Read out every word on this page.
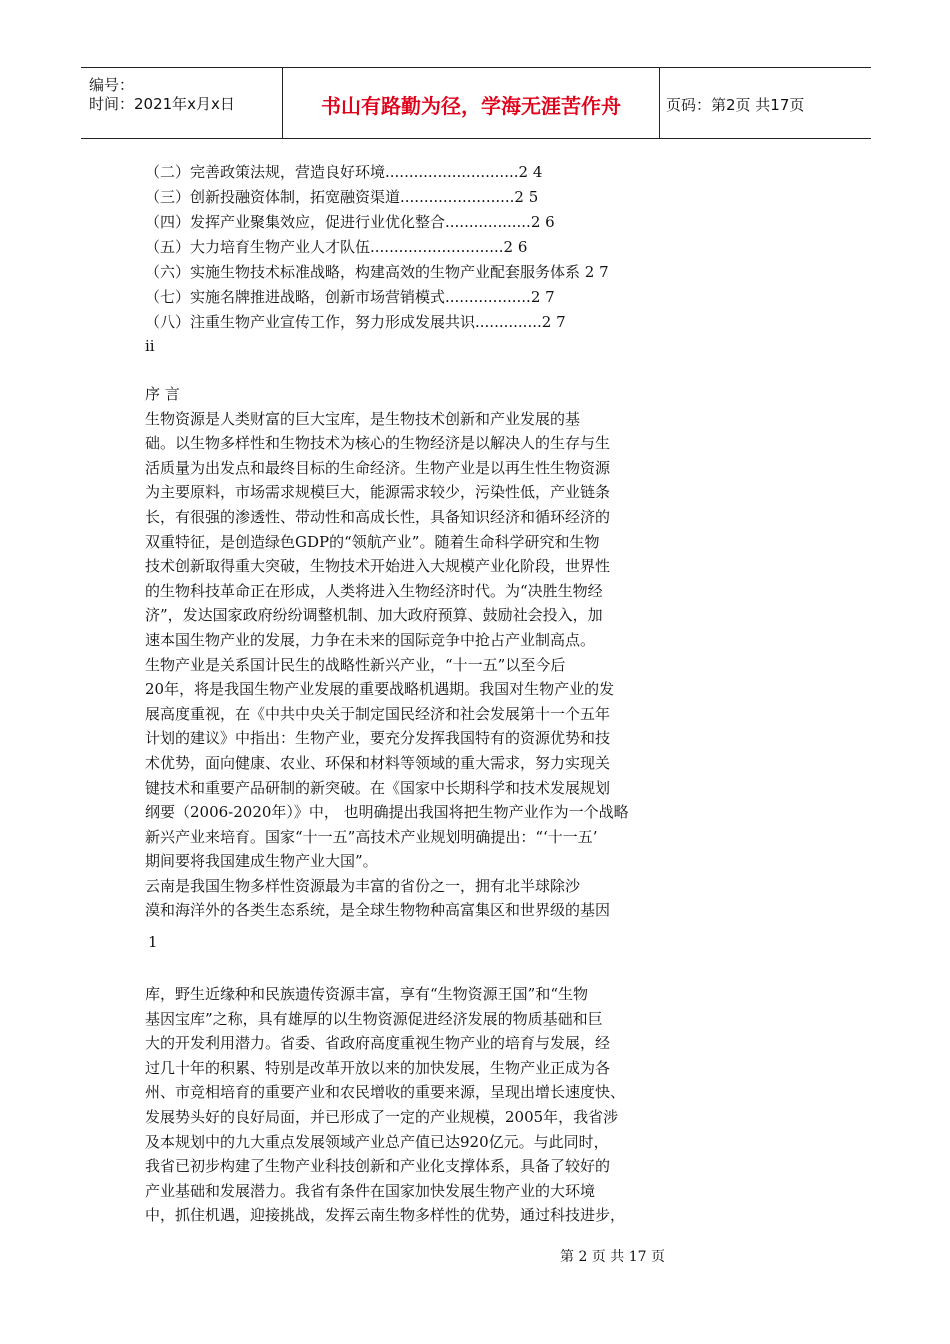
编号：
时间：2021年x月x日	书山有路勤为径，学海无涯苦作舟	页码：第2页 共17页
（二）完善政策法规，营造良好环境............................2 4
（三）创新投融资体制，拓宽融资渠道........................2 5
（四）发挥产业聚集效应，促进行业优化整合..................2 6
（五）大力培育生物产业人才队伍............................2 6
（六）实施生物技术标准战略，构建高效的生物产业配套服务体系 2 7
（七）实施名牌推进战略，创新市场营销模式..................2 7
（八）注重生物产业宣传工作，努力形成发展共识..............2 7
ii
序 言
生物资源是人类财富的巨大宝库，是生物技术创新和产业发展的基
础。以生物多样性和生物技术为核心的生物经济是以解决人的生存与生
活质量为出发点和最终目标的生命经济。生物产业是以再生性生物资源
为主要原料，市场需求规模巨大，能源需求较少，污染性低，产业链条
长，有很强的渗透性、带动性和高成长性，具备知识经济和循环经济的
双重特征，是创造绿色GDP的“领航产业”。随着生命科学研究和生物
技术创新取得重大突破，生物技术开始进入大规模产业化阶段，世界性
的生物科技革命正在形成，人类将进入生物经济时代。为“决胜生物经
济”，发达国家政府纷纷调整机制、加大政府预算、鼓励社会投入，加
速本国生物产业的发展，力争在未来的国际竞争中抢占产业制高点。
生物产业是关系国计民生的战略性新兴产业，“十一五”以至今后
20年，将是我国生物产业发展的重要战略机遇期。我国对生物产业的发
展高度重视，在《中共中央关于制定国民经济和社会发展第十一个五年
计划的建议》中指出：生物产业，要充分发挥我国特有的资源优势和技
术优势，面向健康、农业、环保和材料等领域的重大需求，努力实现关
键技术和重要产品研制的新突破。在《国家中长期科学和技术发展规划
纲要（2006-2020年）》中， 也明确提出我国将把生物产业作为一个战略
新兴产业来培育。国家“十一五”高技术产业规划明确提出：“‘十一五’
期间要将我国建成生物产业大国”。
云南是我国生物多样性资源最为丰富的省份之一，拥有北半球除沙
漠和海洋外的各类生态系统，是全球生物物种高富集区和世界级的基因
1
库，野生近缘种和民族遗传资源丰富，享有“生物资源王国”和“生物
基因宝库”之称，具有雄厚的以生物资源促进经济发展的物质基础和巨
大的开发利用潜力。省委、省政府高度重视生物产业的培育与发展，经
过几十年的积累、特别是改革开放以来的加快发展，生物产业正成为各
州、市竞相培育的重要产业和农民增收的重要来源，呈现出增长速度快、
发展势头好的良好局面，并已形成了一定的产业规模，2005年，我省涉
及本规划中的九大重点发展领域产业总产值已达920亿元。与此同时，
我省已初步构建了生物产业科技创新和产业化支撑体系，具备了较好的
产业基础和发展潜力。我省有条件在国家加快发展生物产业的大环境
中，抓住机遇，迎接挑战，发挥云南生物多样性的优势，通过科技进步，
第 2 页 共 17 页
